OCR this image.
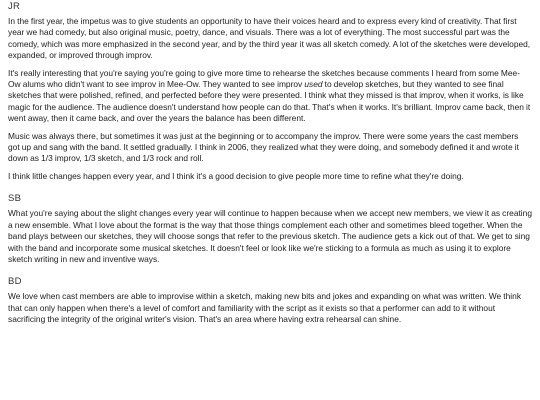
JR

In the first year, the impetus was to give students an opportunity to have their voices heard and to express every kind of creativity. That first year we had comedy, but also original music, poetry, dance, and visuals. There was a lot of everything. The most successful part was the comedy, which was more emphasized in the second year, and by the third year it was all sketch comedy. A lot of the sketches were developed, expanded, or improved through improv.

It's really interesting that you're saying you're going to give more time to rehearse the sketches because comments I heard from some Mee-Ow alums who didn't want to see improv in Mee-Ow. They wanted to see improv used to develop sketches, but they wanted to see final sketches that were polished, refined, and perfected before they were presented. I think what they missed is that improv, when it works, is like magic for the audience. The audience doesn't understand how people can do that. That's when it works. It's brilliant. Improv came back, then it went away, then it came back, and over the years the balance has been different.

Music was always there, but sometimes it was just at the beginning or to accompany the improv. There were some years the cast members got up and sang with the band. It settled gradually. I think in 2006, they realized what they were doing, and somebody defined it and wrote it down as 1/3 improv, 1/3 sketch, and 1/3 rock and roll.

I think little changes happen every year, and I think it's a good decision to give people more time to refine what they're doing.

SB

What you're saying about the slight changes every year will continue to happen because when we accept new members, we view it as creating a new ensemble. What I love about the format is the way that those things complement each other and sometimes bleed together. When the band plays between our sketches, they will choose songs that refer to the previous sketch. The audience gets a kick out of that. We get to sing with the band and incorporate some musical sketches. It doesn't feel or look like we're sticking to a formula as much as using it to explore sketch writing in new and inventive ways.

BD

We love when cast members are able to improvise within a sketch, making new bits and jokes and expanding on what was written. We think that can only happen when there's a level of comfort and familiarity with the script as it exists so that a performer can add to it without sacrificing the integrity of the original writer's vision. That's an area where having extra rehearsal can shine.
